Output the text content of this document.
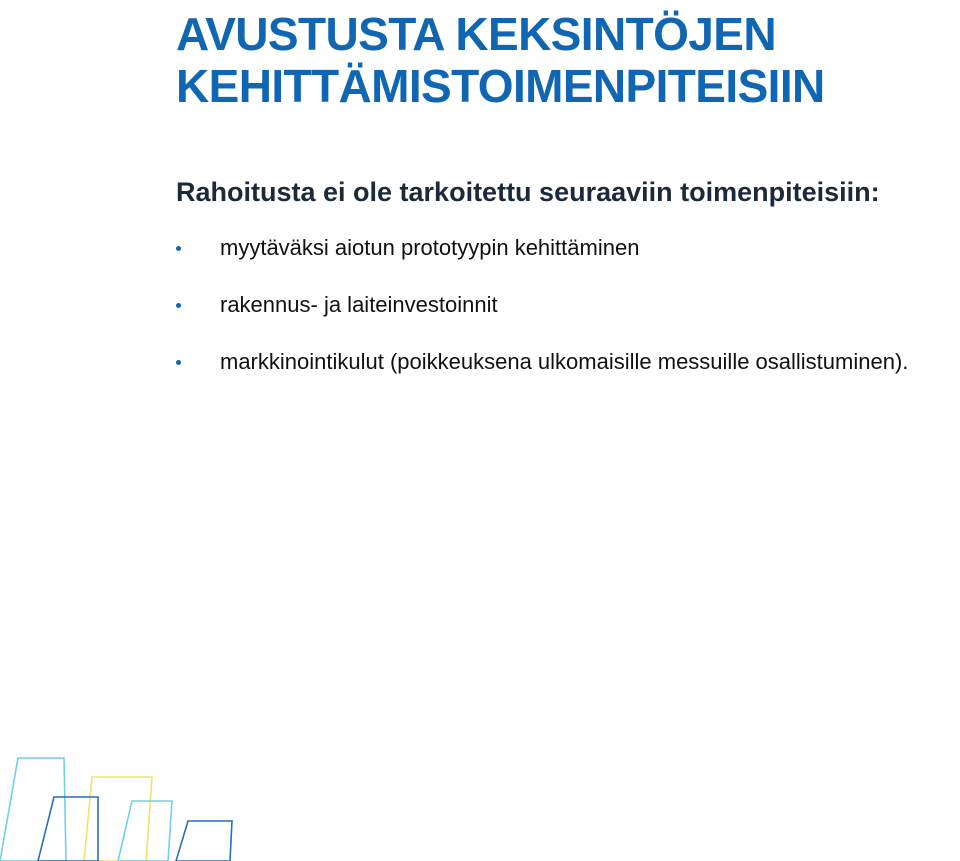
AVUSTUSTA KEKSINTÖJEN
KEHITTÄMISTOIMENPITEISIIN

Rahoitusta ei ole tarkoitettu seuraaviin toimenpiteisiin:

myytäväksi aiotun prototyypin kehittäminen
rakennus- ja laiteinvestoinnit
markkinointikulut (poikkeuksena ulkomaisille messuille osallistuminen).
